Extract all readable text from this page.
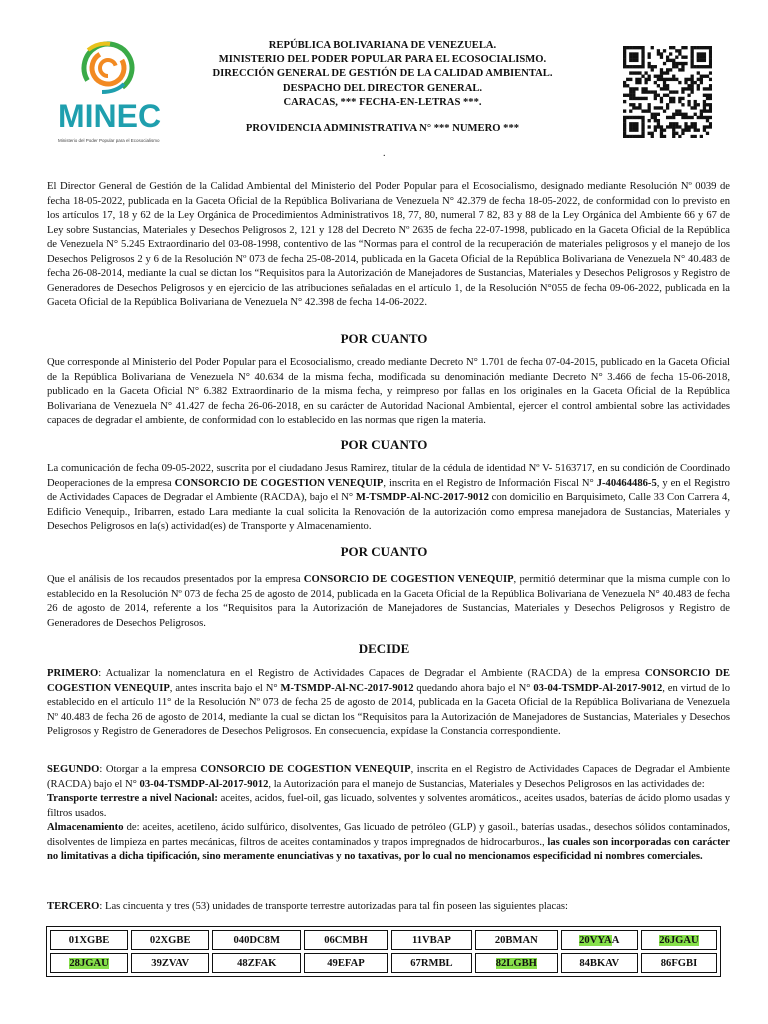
MINEC
Ministerio del Poder Popular para el Ecosocialismo
REPÚBLICA BOLIVARIANA DE VENEZUELA.
MINISTERIO DEL PODER POPULAR PARA EL ECOSOCIALISMO.
DIRECCIÓN GENERAL DE GESTIÓN DE LA CALIDAD AMBIENTAL.
DESPACHO DEL DIRECTOR GENERAL.
CARACAS, *** FECHA-EN-LETRAS ***.
PROVIDENCIA ADMINISTRATIVA N° *** NUMERO ***
.
El Director General de Gestión de la Calidad Ambiental del Ministerio del Poder Popular para el Ecosocialismo, designado mediante Resolución Nº 0039 de fecha 18-05-2022, publicada en la Gaceta Oficial de la República Bolivariana de Venezuela N° 42.379 de fecha 18-05-2022, de conformidad con lo previsto en los artículos 17, 18 y 62 de la Ley Orgánica de Procedimientos Administrativos 18, 77, 80, numeral 7 82, 83 y 88 de la Ley Orgánica del Ambiente 66 y 67 de Ley sobre Sustancias, Materiales y Desechos Peligrosos 2, 121 y 128 del Decreto Nº 2635 de fecha 22-07-1998, publicado en la Gaceta Oficial de la República de Venezuela N° 5.245 Extraordinario del 03-08-1998, contentivo de las “Normas para el control de la recuperación de materiales peligrosos y el manejo de los Desechos Peligrosos 2 y 6 de la Resolución Nº 073 de fecha 25-08-2014, publicada en la Gaceta Oficial de la República Bolivariana de Venezuela N° 40.483 de fecha 26-08-2014, mediante la cual se dictan los “Requisitos para la Autorización de Manejadores de Sustancias, Materiales y Desechos Peligrosos y Registro de Generadores de Desechos Peligrosos y en ejercicio de las atribuciones señaladas en el artículo 1, de la Resolución N°055 de fecha 09-06-2022, publicada en la Gaceta Oficial de la República Bolivariana de Venezuela N° 42.398 de fecha 14-06-2022.
POR CUANTO
Que corresponde al Ministerio del Poder Popular para el Ecosocialismo, creado mediante Decreto N° 1.701 de fecha 07-04-2015, publicado en la Gaceta Oficial de la República Bolivariana de Venezuela N° 40.634 de la misma fecha, modificada su denominación mediante Decreto N° 3.466 de fecha 15-06-2018, publicado en la Gaceta Oficial N° 6.382 Extraordinario de la misma fecha, y reimpreso por fallas en los originales en la Gaceta Oficial de la República Bolivariana de Venezuela N° 41.427 de fecha 26-06-2018, en su carácter de Autoridad Nacional Ambiental, ejercer el control ambiental sobre las actividades capaces de degradar el ambiente, de conformidad con lo establecido en las normas que rigen la materia.
POR CUANTO
La comunicación de fecha 09-05-2022, suscrita por el ciudadano Jesus Ramirez, titular de la cédula de identidad Nº V- 5163717, en su condición de Coordinado Deoperaciones de la empresa CONSORCIO DE COGESTION VENEQUIP, inscrita en el Registro de Información Fiscal N° J-40464486-5, y en el Registro de Actividades Capaces de Degradar el Ambiente (RACDA), bajo el N° M-TSMDP-Al-NC-2017-9012 con domicilio en Barquisimeto, Calle 33 Con Carrera 4, Edificio Venequip., Iribarren, estado Lara mediante la cual solicita la Renovación de la autorización como empresa manejadora de Sustancias, Materiales y Desechos Peligrosos en la(s) actividad(es) de Transporte y Almacenamiento.
POR CUANTO
Que el análisis de los recaudos presentados por la empresa CONSORCIO DE COGESTION VENEQUIP, permitió determinar que la misma cumple con lo establecido en la Resolución Nº 073 de fecha 25 de agosto de 2014, publicada en la Gaceta Oficial de la República Bolivariana de Venezuela N° 40.483 de fecha 26 de agosto de 2014, referente a los “Requisitos para la Autorización de Manejadores de Sustancias, Materiales y Desechos Peligrosos y Registro de Generadores de Desechos Peligrosos.
DECIDE
PRIMERO: Actualizar la nomenclatura en el Registro de Actividades Capaces de Degradar el Ambiente (RACDA) de la empresa CONSORCIO DE COGESTION VENEQUIP, antes inscrita bajo el N° M-TSMDP-Al-NC-2017-9012 quedando ahora bajo el N° 03-04-TSMDP-Al-2017-9012, en virtud de lo establecido en el artículo 11° de la Resolución Nº 073 de fecha 25 de agosto de 2014, publicada en la Gaceta Oficial de la República Bolivariana de Venezuela Nº 40.483 de fecha 26 de agosto de 2014, mediante la cual se dictan los “Requisitos para la Autorización de Manejadores de Sustancias, Materiales y Desechos Peligrosos y Registro de Generadores de Desechos Peligrosos. En consecuencia, expídase la Constancia correspondiente.
SEGUNDO: Otorgar a la empresa CONSORCIO DE COGESTION VENEQUIP, inscrita en el Registro de Actividades Capaces de Degradar el Ambiente (RACDA) bajo el N° 03-04-TSMDP-Al-2017-9012, la Autorización para el manejo de Sustancias, Materiales y Desechos Peligrosos en las actividades de:
Transporte terrestre a nivel Nacional: aceites, acidos, fuel-oil, gas licuado, solventes y solventes aromáticos., aceites usados, baterías de ácido plomo usadas y filtros usados.
Almacenamiento de: aceites, acetileno, ácido sulfúrico, disolventes, Gas licuado de petróleo (GLP) y gasoil., baterías usadas., desechos sólidos contaminados, disolventes de limpieza en partes mecánicas, filtros de aceites contaminados y trapos impregnados de hidrocarburos., las cuales son incorporadas con carácter no limitativas a dicha tipificación, sino meramente enunciativas y no taxativas, por lo cual no mencionamos especificidad ni nombres comerciales.
TERCERO: Las cincuenta y tres (53) unidades de transporte terrestre autorizadas para tal fin poseen las siguientes placas:
01XGBE	02XGBE	040DC8M	06CMBH	11VBAP	20BMAN	20VYAA	26JGAU
28JGAU	39ZVAV	48ZFAK	49EFAP	67RMBL	82LGBH	84BKAV	86FGBI
